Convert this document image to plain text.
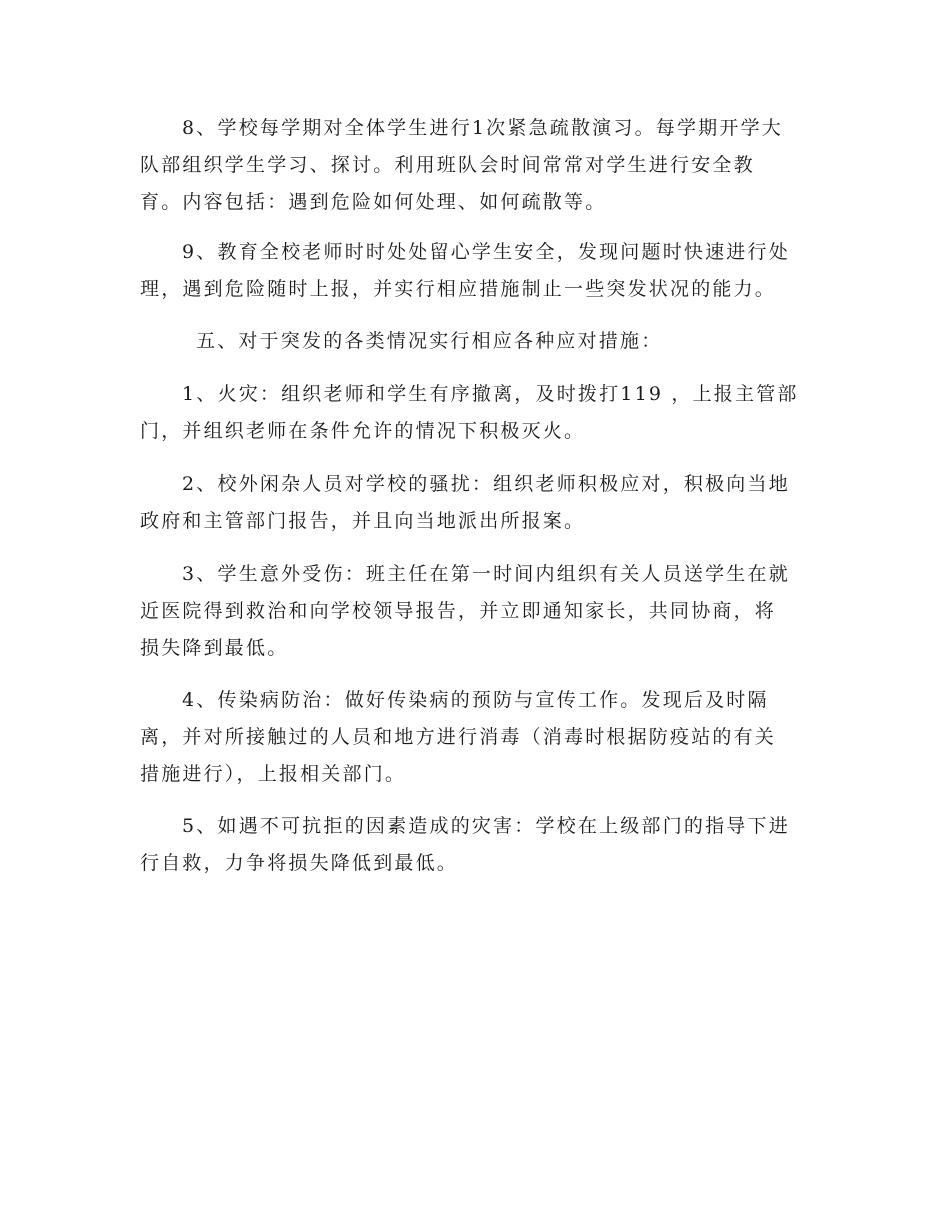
8、学校每学期对全体学生进行1次紧急疏散演习。每学期开学大
队部组织学生学习、探讨。利用班队会时间常常对学生进行安全教
育。内容包括：遇到危险如何处理、如何疏散等。

9、教育全校老师时时处处留心学生安全，发现问题时快速进行处
理，遇到危险随时上报，并实行相应措施制止一些突发状况的能力。

五、对于突发的各类情况实行相应各种应对措施：

1、火灾：组织老师和学生有序撤离，及时拨打119 ，上报主管部
门，并组织老师在条件允许的情况下积极灭火。

2、校外闲杂人员对学校的骚扰：组织老师积极应对，积极向当地
政府和主管部门报告，并且向当地派出所报案。

3、学生意外受伤：班主任在第一时间内组织有关人员送学生在就
近医院得到救治和向学校领导报告，并立即通知家长，共同协商，将
损失降到最低。

4、传染病防治：做好传染病的预防与宣传工作。发现后及时隔
离，并对所接触过的人员和地方进行消毒（消毒时根据防疫站的有关
措施进行），上报相关部门。

5、如遇不可抗拒的因素造成的灾害：学校在上级部门的指导下进
行自救，力争将损失降低到最低。
